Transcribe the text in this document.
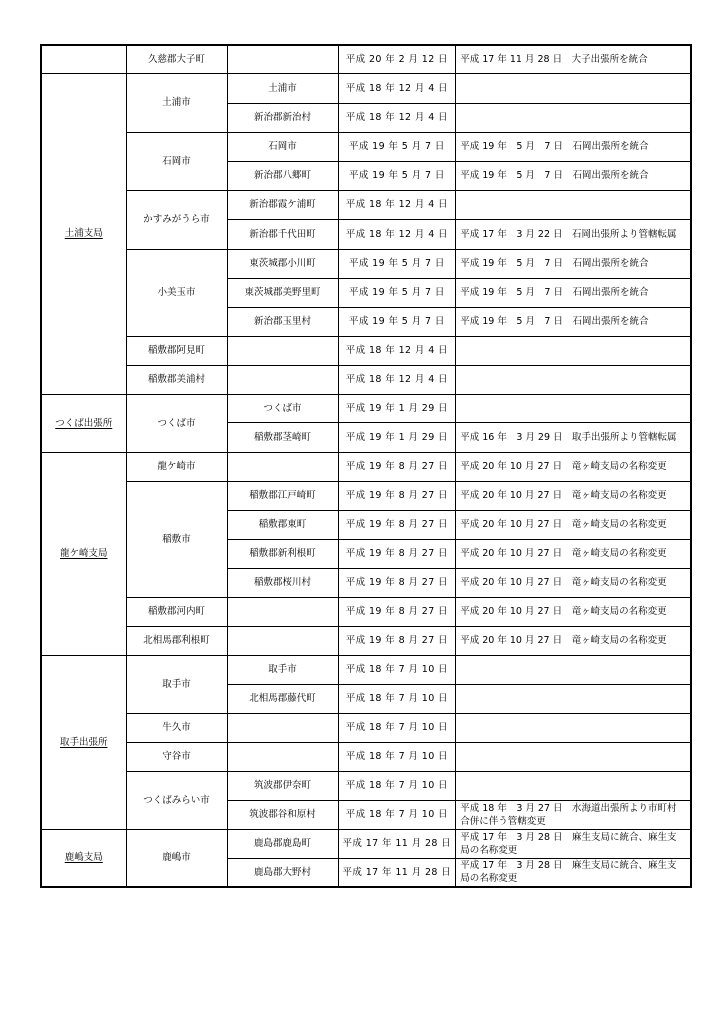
	久慈郡大子町		平成 20 年 2 月 12 日	平成 17 年 11 月 28 日　大子出張所を統合
土浦支局	土浦市	土浦市	平成 18 年 12 月 4 日	
		新治郡新治村	平成 18 年 12 月 4 日	
	石岡市	石岡市	平成 19 年 5 月 7 日	平成 19 年　5 月　7 日　石岡出張所を統合
		新治郡八郷町	平成 19 年 5 月 7 日	平成 19 年　5 月　7 日　石岡出張所を統合
	かすみがうら市	新治郡霞ケ浦町	平成 18 年 12 月 4 日	
		新治郡千代田町	平成 18 年 12 月 4 日	平成 17 年　3 月 22 日　石岡出張所より管轄転属
	小美玉市	東茨城郡小川町	平成 19 年 5 月 7 日	平成 19 年　5 月　7 日　石岡出張所を統合
		東茨城郡美野里町	平成 19 年 5 月 7 日	平成 19 年　5 月　7 日　石岡出張所を統合
		新治郡玉里村	平成 19 年 5 月 7 日	平成 19 年　5 月　7 日　石岡出張所を統合
	稲敷郡阿見町		平成 18 年 12 月 4 日	
	稲敷郡美浦村		平成 18 年 12 月 4 日	
つくば出張所	つくば市	つくば市	平成 19 年 1 月 29 日	
		稲敷郡茎崎町	平成 19 年 1 月 29 日	平成 16 年　3 月 29 日　取手出張所より管轄転属
龍ケ崎支局	龍ケ崎市		平成 19 年 8 月 27 日	平成 20 年 10 月 27 日　竜ヶ崎支局の名称変更
	稲敷市	稲敷郡江戸崎町	平成 19 年 8 月 27 日	平成 20 年 10 月 27 日　竜ヶ崎支局の名称変更
		稲敷郡東町	平成 19 年 8 月 27 日	平成 20 年 10 月 27 日　竜ヶ崎支局の名称変更
		稲敷郡新利根町	平成 19 年 8 月 27 日	平成 20 年 10 月 27 日　竜ヶ崎支局の名称変更
		稲敷郡桜川村	平成 19 年 8 月 27 日	平成 20 年 10 月 27 日　竜ヶ崎支局の名称変更
	稲敷郡河内町		平成 19 年 8 月 27 日	平成 20 年 10 月 27 日　竜ヶ崎支局の名称変更
	北相馬郡利根町		平成 19 年 8 月 27 日	平成 20 年 10 月 27 日　竜ヶ崎支局の名称変更
取手出張所	取手市	取手市	平成 18 年 7 月 10 日	
		北相馬郡藤代町	平成 18 年 7 月 10 日	
	牛久市		平成 18 年 7 月 10 日	
	守谷市		平成 18 年 7 月 10 日	
	つくばみらい市	筑波郡伊奈町	平成 18 年 7 月 10 日	
		筑波郡谷和原村	平成 18 年 7 月 10 日	平成 18 年　3 月 27 日　水海道出張所より市町村合併に伴う管轄変更
鹿嶋支局	鹿嶋市	鹿島郡鹿島町	平成 17 年 11 月 28 日	平成 17 年　3 月 28 日　麻生支局に統合、麻生支局の名称変更
		鹿島郡大野村	平成 17 年 11 月 28 日	平成 17 年　3 月 28 日　麻生支局に統合、麻生支局の名称変更
